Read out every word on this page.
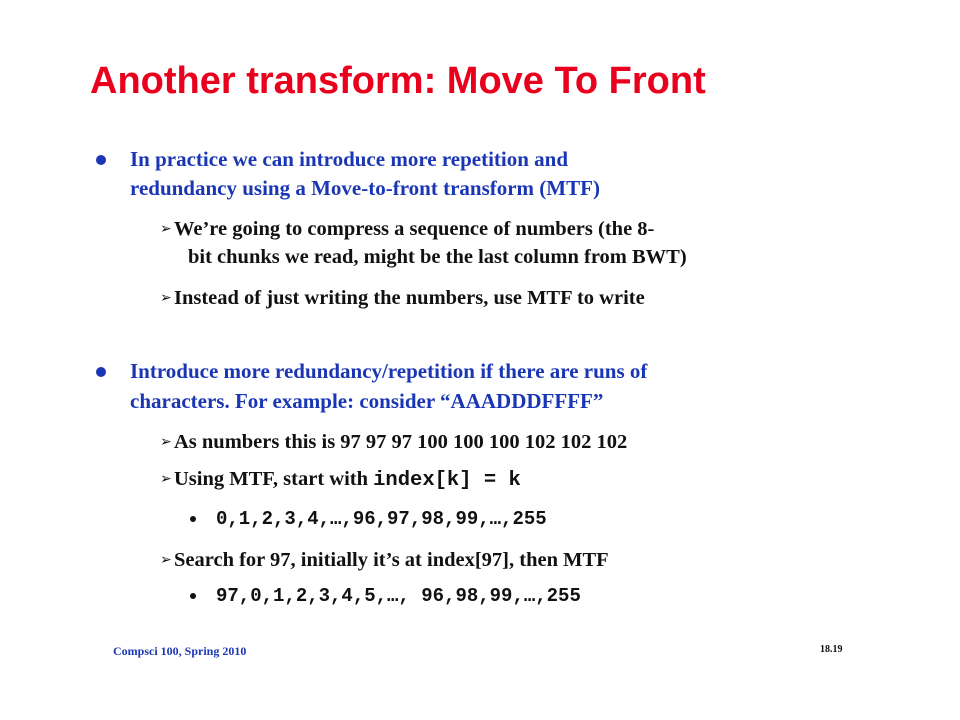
Another transform: Move To Front
In practice we can introduce more repetition and
redundancy using a Move-to-front transform (MTF)
➢ We’re going to compress a sequence of numbers (the 8-
bit chunks we read, might be the last column from BWT)
➢ Instead of just writing the numbers, use MTF to write
Introduce more redundancy/repetition if there are runs of
characters. For example: consider “AAADDDFFFF”
➢ As numbers this is 97 97 97 100 100 100 102 102 102
➢ Using MTF, start with index[k] = k
0,1,2,3,4,…,96,97,98,99,…,255
➢ Search for 97, initially it’s at index[97], then MTF
97,0,1,2,3,4,5,…, 96,98,99,…,255
Compsci 100, Spring 2010	18.19
